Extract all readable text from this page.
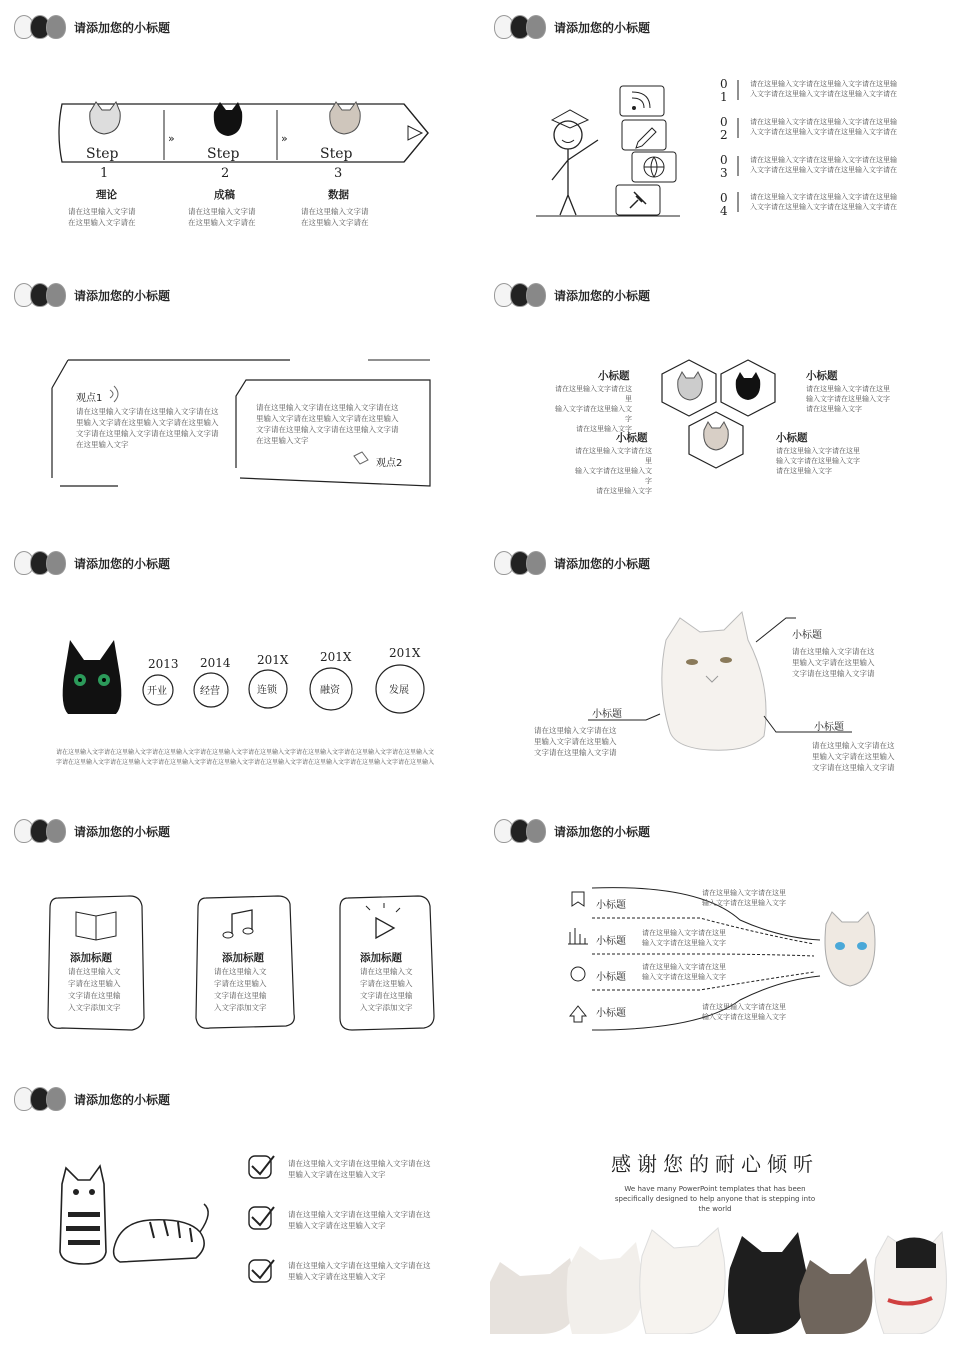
请添加您的小标题
»	»
Step
1
理论
请在这里输入文字请
在这里输入文字请在
Step
2
成稿
请在这里输入文字请
在这里输入文字请在
Step
3
数据
请在这里输入文字请
在这里输入文字请在
请添加您的小标题
0 1
请在这里输入文字请在这里输入文字请在这里输
入文字请在这里输入文字请在这里输入文字请在
0 2
请在这里输入文字请在这里输入文字请在这里输
入文字请在这里输入文字请在这里输入文字请在
0 3
请在这里输入文字请在这里输入文字请在这里输
入文字请在这里输入文字请在这里输入文字请在
0 4
请在这里输入文字请在这里输入文字请在这里输
入文字请在这里输入文字请在这里输入文字请在
请添加您的小标题
观点1
请在这里输入文字请在这里输入文字请在这
里输入文字请在这里输入文字请在这里输入
文字请在这里输入文字请在这里输入文字请
在这里输入文字
请在这里输入文字请在这里输入文字请在这
里输入文字请在这里输入文字请在这里输入
文字请在这里输入文字请在这里输入文字请
在这里输入文字
观点2
请添加您的小标题
小标题
请在这里输入文字请在这里
输入文字请在这里输入文字
请在这里输入文字
小标题
请在这里输入文字请在这里
输入文字请在这里输入文字
请在这里输入文字
小标题
请在这里输入文字请在这里
输入文字请在这里输入文字
请在这里输入文字
小标题
请在这里输入文字请在这里
输入文字请在这里输入文字
请在这里输入文字
请添加您的小标题
2013
开业
2014
经营
201X
连锁
201X
融资
201X
发展
请在这里输入文字请在这里输入文字请在这里输入文字请在这里输入文字请在这里输入文字请在这里输入文字请在这里输入文字请在这里输入文
字请在这里输入文字请在这里输入文字请在这里输入文字请在这里输入文字请在这里输入文字请在这里输入文字请在这里输入文字请在这里输入
请添加您的小标题
小标题
请在这里输入文字请在这
里输入文字请在这里输入
文字请在这里输入文字请
小标题
请在这里输入文字请在这
里输入文字请在这里输入
文字请在这里输入文字请
小标题
请在这里输入文字请在这
里输入文字请在这里输入
文字请在这里输入文字请
请添加您的小标题
添加标题
请在这里输入文
字请在这里输入
文字请在这里输
入文字添加文字
添加标题
请在这里输入文
字请在这里输入
文字请在这里输
入文字添加文字
添加标题
请在这里输入文
字请在这里输入
文字请在这里输
入文字添加文字
请添加您的小标题
小标题
请在这里输入文字请在这里
输入文字请在这里输入文字
小标题
请在这里输入文字请在这里
输入文字请在这里输入文字
小标题
请在这里输入文字请在这里
输入文字请在这里输入文字
小标题
请在这里输入文字请在这里
输入文字请在这里输入文字
请添加您的小标题
请在这里输入文字请在这里输入文字请在这
里输入文字请在这里输入文字
请在这里输入文字请在这里输入文字请在这
里输入文字请在这里输入文字
请在这里输入文字请在这里输入文字请在这
里输入文字请在这里输入文字
感谢您的耐心倾听
We have many PowerPoint templates that has been
specifically designed to help anyone that is stepping into
the world
